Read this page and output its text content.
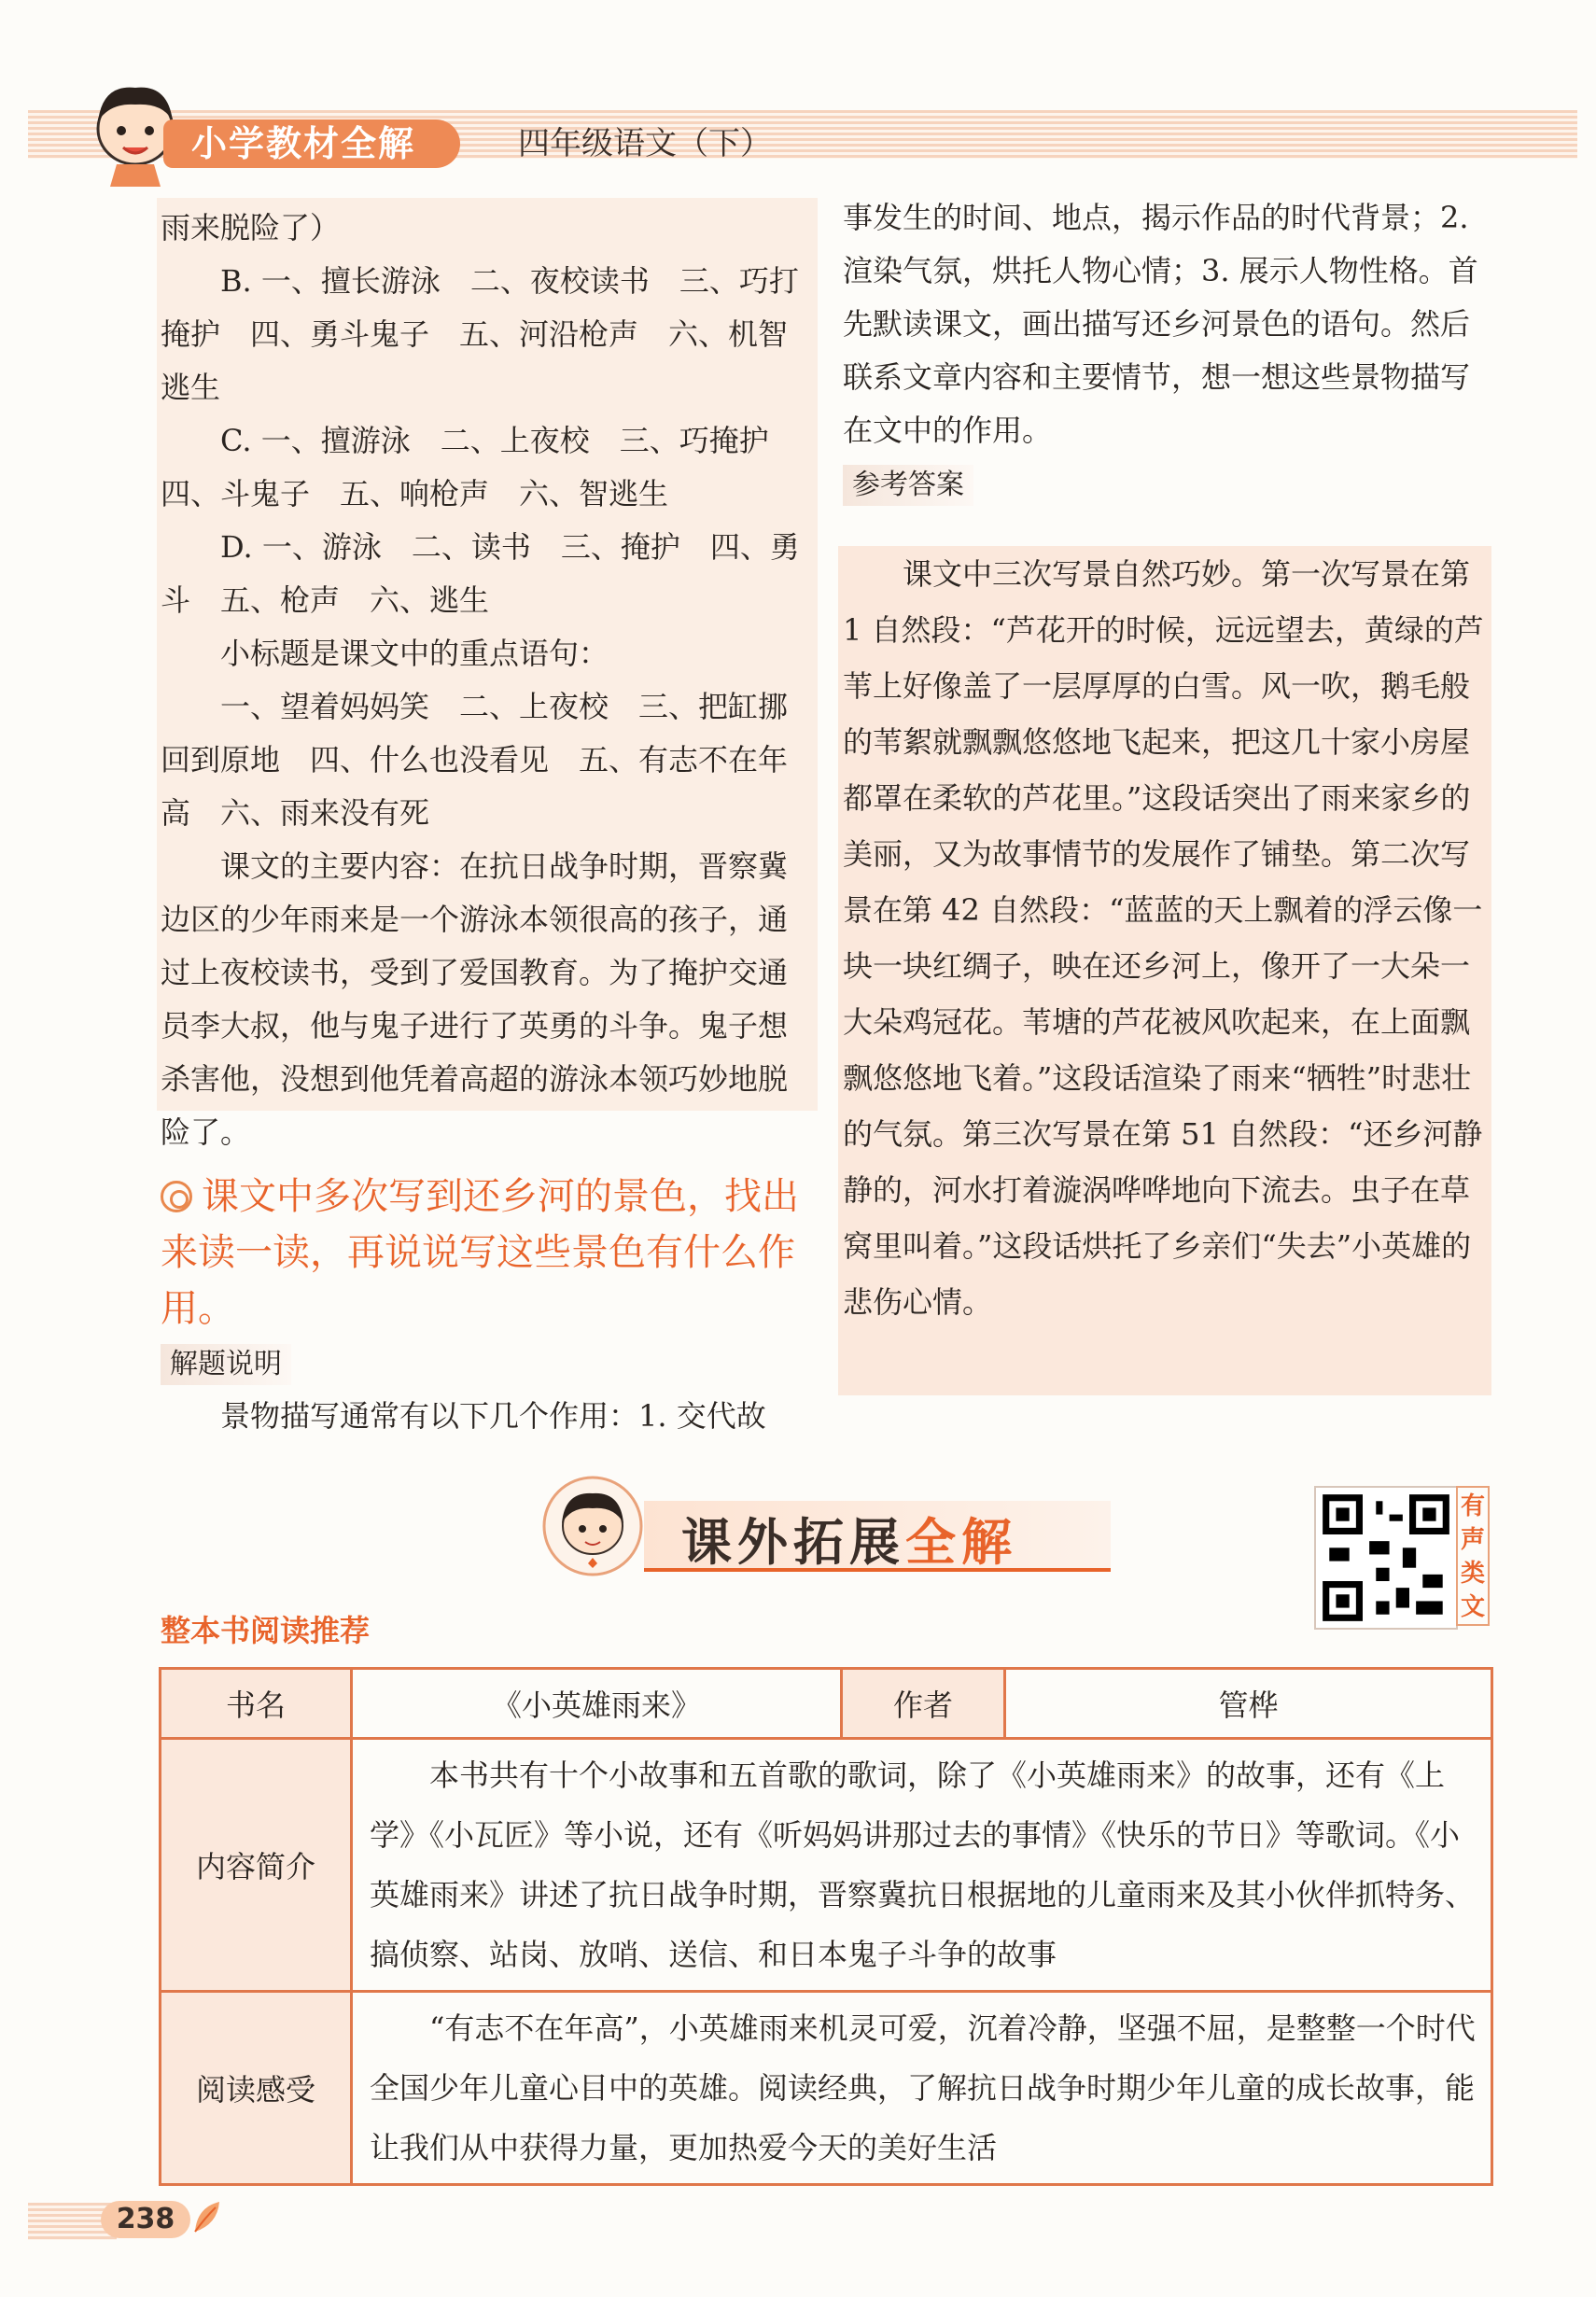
小学教材全解	四年级语文（下）

雨来脱险了）

B. 一、擅长游泳　二、夜校读书　三、巧打掩护　四、勇斗鬼子　五、河沿枪声　六、机智逃生

C. 一、擅游泳　二、上夜校　三、巧掩护　四、斗鬼子　五、响枪声　六、智逃生

D. 一、游泳　二、读书　三、掩护　四、勇斗　五、枪声　六、逃生

小标题是课文中的重点语句：

一、望着妈妈笑　二、上夜校　三、把缸挪回到原地　四、什么也没看见　五、有志不在年高　六、雨来没有死

课文的主要内容：在抗日战争时期，晋察冀边区的少年雨来是一个游泳本领很高的孩子，通过上夜校读书，受到了爱国教育。为了掩护交通员李大叔，他与鬼子进行了英勇的斗争。鬼子想杀害他，没想到他凭着高超的游泳本领巧妙地脱险了。

课文中多次写到还乡河的景色，找出来读一读，再说说写这些景色有什么作用。

解题说明

景物描写通常有以下几个作用：1. 交代故

事发生的时间、地点，揭示作品的时代背景；2. 渲染气氛，烘托人物心情；3. 展示人物性格。首先默读课文，画出描写还乡河景色的语句。然后联系文章内容和主要情节，想一想这些景物描写在文中的作用。

参考答案

课文中三次写景自然巧妙。第一次写景在第 1 自然段：“芦花开的时候，远远望去，黄绿的芦苇上好像盖了一层厚厚的白雪。风一吹，鹅毛般的苇絮就飘飘悠悠地飞起来，把这几十家小房屋都罩在柔软的芦花里。”这段话突出了雨来家乡的美丽，又为故事情节的发展作了铺垫。第二次写景在第 42 自然段：“蓝蓝的天上飘着的浮云像一块一块红绸子，映在还乡河上，像开了一大朵一大朵鸡冠花。苇塘的芦花被风吹起来，在上面飘飘悠悠地飞着。”这段话渲染了雨来“牺牲”时悲壮的气氛。第三次写景在第 51 自然段：“还乡河静静的，河水打着漩涡哗哗地向下流去。虫子在草窝里叫着。”这段话烘托了乡亲们“失去”小英雄的悲伤心情。

课外拓展全解
有声类文
整本书阅读推荐
书名	《小英雄雨来》	作者	管桦
内容简介	本书共有十个小故事和五首歌的歌词，除了《小英雄雨来》的故事，还有《上学》《小瓦匠》等小说，还有《听妈妈讲那过去的事情》《快乐的节日》等歌词。《小英雄雨来》讲述了抗日战争时期，晋察冀抗日根据地的儿童雨来及其小伙伴抓特务、搞侦察、站岗、放哨、送信、和日本鬼子斗争的故事		

阅读感受	“有志不在年高”，小英雄雨来机灵可爱，沉着冷静，坚强不屈，是整整一个时代全国少年儿童心目中的英雄。阅读经典，了解抗日战争时期少年儿童的成长故事，能让我们从中获得力量，更加热爱今天的美好生活		
238
